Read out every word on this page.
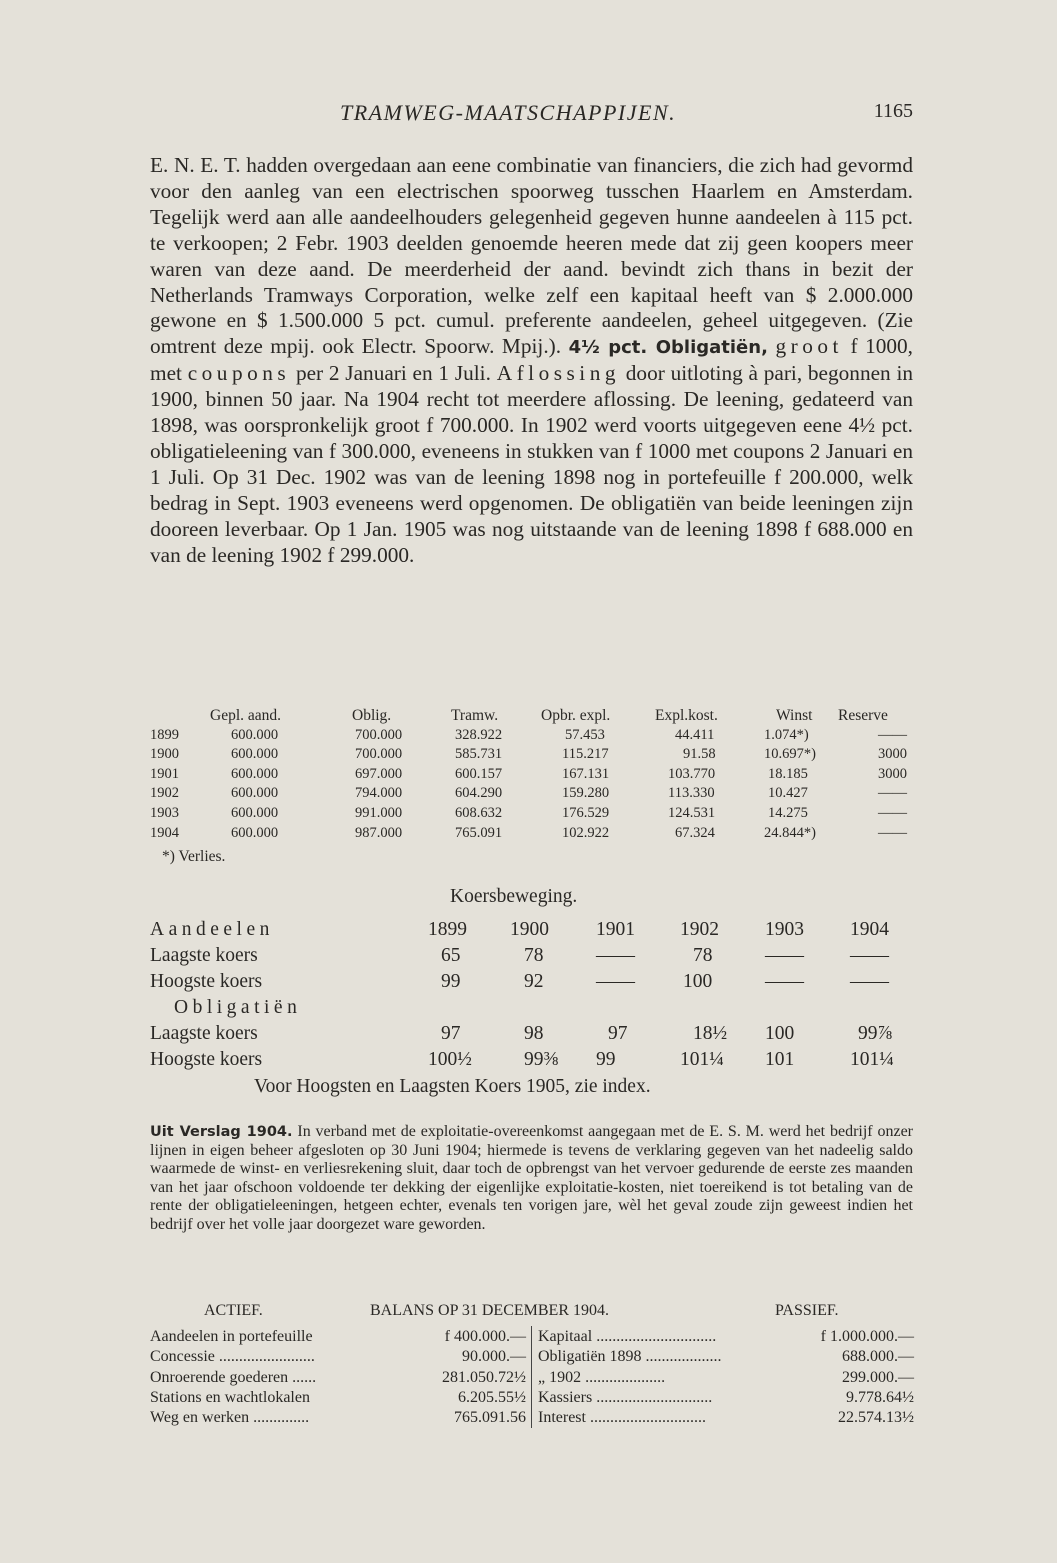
TRAMWEG-MAATSCHAPPIJEN.	1165

E. N. E. T. hadden overgedaan aan eene combinatie van financiers, die zich had gevormd voor den aanleg van een electrischen spoorweg tusschen Haarlem en Amsterdam. Tegelijk werd aan alle aandeelhouders gelegenheid gegeven hunne aandeelen à 115 pct. te verkoopen; 2 Febr. 1903 deelden genoemde heeren mede dat zij geen koopers meer waren van deze aand. De meerderheid der aand. bevindt zich thans in bezit der Netherlands Tramways Corporation, welke zelf een kapitaal heeft van $ 2.000.000 gewone en $ 1.500.000 5 pct. cumul. preferente aandeelen, geheel uitgegeven. (Zie omtrent deze mpij. ook Electr. Spoorw. Mpij.). 4½ pct. Obligatiën, groot f 1000, met coupons per 2 Januari en 1 Juli. Aflossing door uitloting à pari, begonnen in 1900, binnen 50 jaar. Na 1904 recht tot meerdere aflossing. De leening, gedateerd van 1898, was oorspronkelijk groot f 700.000. In 1902 werd voorts uitgegeven eene 4½ pct. obligatieleening van f 300.000, eveneens in stukken van f 1000 met coupons 2 Januari en 1 Juli. Op 31 Dec. 1902 was van de leening 1898 nog in portefeuille f 200.000, welk bedrag in Sept. 1903 eveneens werd opgenomen. De obligatiën van beide leeningen zijn dooreen leverbaar. Op 1 Jan. 1905 was nog uitstaande van de leening 1898 f 688.000 en van de leening 1902 f 299.000.

Gepl. aand.	Oblig.	Tramw.	Opbr. expl.	Expl.kost.	Winst Reserve
1899	600.000	700.000	328.922	57.453	44.411	1.074*)	——
1900	600.000	700.000	585.731	115.217	91.58	10.697*)	3000
1901	600.000	697.000	600.157	167.131	103.770	18.185	3000
1902	600.000	794.000	604.290	159.280	113.330	10.427	——
1903	600.000	991.000	608.632	176.529	124.531	14.275	——
1904	600.000	987.000	765.091	102.922	67.324	24.844*)	——
*) Verlies.
Koersbeweging.
Aandeelen	1899 1900 1901 1902 1903 1904
Laagste koers	65	78	——	78	—— ——
Hoogste koers	99	92	—— 100	—— ——
Obligatiën
Laagste koers	97	98	97	18½ 100	99⅞
Hoogste koers	100½	99⅜ 99	101¼ 101	101¼
Voor Hoogsten en Laagsten Koers 1905, zie index.

Uit Verslag 1904. In verband met de exploitatie-overeenkomst aangegaan met de E. S. M. werd het bedrijf onzer lijnen in eigen beheer afgesloten op 30 Juni 1904; hiermede is tevens de verklaring gegeven van het nadeelig saldo waarmede de winst- en verliesrekening sluit, daar toch de opbrengst van het vervoer gedurende de eerste zes maanden van het jaar ofschoon voldoende ter dekking der eigenlijke exploitatie-kosten, niet toereikend is tot betaling van de rente der obligatieleeningen, hetgeen echter, evenals ten vorigen jare, wèl het geval zoude zijn geweest indien het bedrijf over het volle jaar doorgezet ware geworden.

ACTIEF.	BALANS OP 31 DECEMBER 1904.	PASSIEF.
Aandeelen in portefeuille	f 400.000.— Kapitaal ..............................	f 1.000.000.—
Concessie ........................	90.000.— Obligatiën 1898 ...................	688.000.—
Onroerende goederen ......	281.050.72½ „ 1902 ....................	299.000.—
Stations en wachtlokalen	6.205.55½ Kassiers .............................	9.778.64½
Weg en werken ..............	765.091.56 Interest .............................	22.574.13½
